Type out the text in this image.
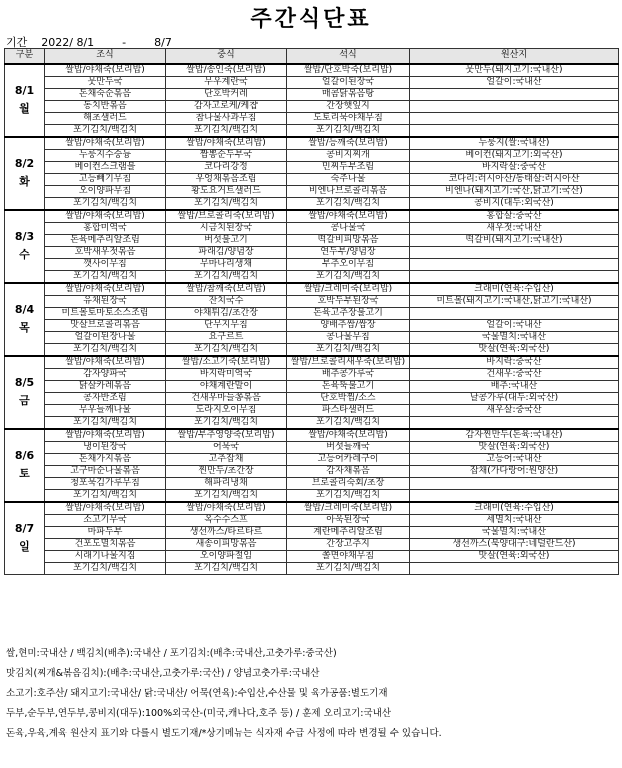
주간식단표
기간 2022/ 8/1	-	8/7
구분	조식	중식	석식	원산지

8/1
월	쌀밥/야채죽(보리밥)	쌀밥/송인죽(보리밥)	쌀밥/단호박죽(보리밥)	뭇만두(돼지고기:국내산)
	뭇만두국	무우계란국	얼갈이된장국	얼갈이:국내산
	돈채숙순볶음	단호박커레	매콤닭볶음탕	
	동치반볶음	감자고로케/케챱	간장햇잎지	
	해초샐러드	참나물사과무침	도토리묵야채무침	
	포기김치/백김치	포기김치/백김치	포기김치/백김치	

8/2
화	쌀밥/야채죽(보리밥)	쌀밥/야채죽(보리밥)	쌀밥/등깨죽(보리밥)	누룽지(쌀:국내산)
	누룽지수숭늉	짬뽕순두부국	콩비지찌개	베이컨(돼지고기:외국산)
	베이컨스크램블	코다리강정	민찌두부조림	바지락살:중국산
	고등빼기무침	우엉채볶음조림	숙주나물	코다리:러시아산/동태살:러시아산
	오이양파무침	황도요거트샐러드	비엔나브로콜리볶음	비엔나(돼지고기:국산,닭고기:국산)
	포기김치/백김치	포기김치/백김치	포기김치/백김치	콩비지(대두:외국산)

8/3
수	쌀밥/야채죽(보리밥)	쌀밥/브로콜리죽(보리밥)	쌀밥/야채죽(보리밥)	홍합살:중국산
	홍합미역국	시금치된장국	콩나물국	새우젓:국내산
	돈육메추리알조림	버섯불고기	떡갈비피망볶음	떡갈비(돼지고기:국내산)
	호박새우젓볶음	파래김/양념장	연두부/양념장	
	깻사이무침	무마나리생채	부추오이무침	
	포기김치/백김치	포기김치/백김치	포기김치/백김치	

8/4
목	쌀밥/야채죽(보리밥)	쌀밥/참깨죽(보리밥)	쌀밥/크레미죽(보리밥)	크래미(연육:수입산)
	유채된장국	잔치국수	호박두부된장국	미트볼(돼지고기:국내산,닭고기:국내산)
	미트볼토마토소스조림	야채튀김/초간장	돈육고추장불고기	
	맛살브로콜리볶음	단무지무침	양배추쌈/쌈장	얼갈이:국내산
	얼갈이된장나물	요구르트	콩나물무침	국물멸치:국내산
	포기김치/백김치	포기김치/백김치	포기김치/백김치	맛살(연육:외국산)

8/5
금	쌀밥/야채죽(보리밥)	쌀밥/소고기죽(보리밥)	쌀밥/브로콜리새우죽(보리밥)	바지락:중국산
	감자양파국	바지락미역국	배추콩가루국	건새우:중국산
	닭살카레볶음	야채계란말이	돈육뚝불고기	배추:국내산
	콩자반조림	건새우마늘쫑볶음	단호박찜/소스	날콩가루(대두:외국산)
	무우들깨나물	도라지오이무침	파스타샐러드	새우살:중국산
	포기김치/백김치	포기김치/백김치	포기김치/백김치	

8/6
토	쌀밥/야채죽(보리밥)	쌀밥/부추영양죽(보리밥)	쌀밥/야채죽(보리밥)	감자찐만두(돈육:국내산)
	냉이된장국	어묵국	버섯들깨국	맛살(연육:외국산)
	돈채가지볶음	고추잡채	고등어카레구이	고등어:국내산
	고구마순나물볶음	찐만두/초간장	감자채볶음	잡채(가다랑어:원양산)
	청포묵김가루무침	해파리냉채	브로콜리숙회/초장	
	포기김치/백김치	포기김치/백김치	포기김치/백김치	

8/7
일	쌀밥/야채죽(보리밥)	쌀밥/야채죽(보리밥)	쌀밥/크레미죽(보리밥)	크래미(연육:수입산)
	소고기무국	옥수수스프	아욱된장국	세멸치:국내산
	마파두부	생선까스/타르타르	계란메추리알조림	국물멸치:국내산
	건포도멸치볶음	새송이피망볶음	간장고추지	생선까스(북양대구:네덜란드산)
	시래기나물지짐	오이양파절임	쫄면야채무침	맛살(연육:외국산)
	포기김치/백김치	포기김치/백김치	포기김치/백김치	
쌀,현미:국내산 / 백김치(배추):국내산 / 포기김치:(배추:국내산,고춧가루:중국산)
맛김치(찌개&볶음김치):(배추:국내산,고춧가루:국산) / 양념고춧가루:국내산
소고기:호주산/ 돼지고기:국내산/ 닭:국내산/ 어묵(연육):수입산,수산물 및 육가공품:별도기재
두부,순두부,연두부,콩비지(대두):100%외국산-(미국,캐나다,호주 등) / 훈제 오리고기:국내산
돈육,우육,계육 원산지 표기와 다를시 별도기재/*상기메뉴는 식자재 수급 사정에 따라 변경될 수 있습니다.
